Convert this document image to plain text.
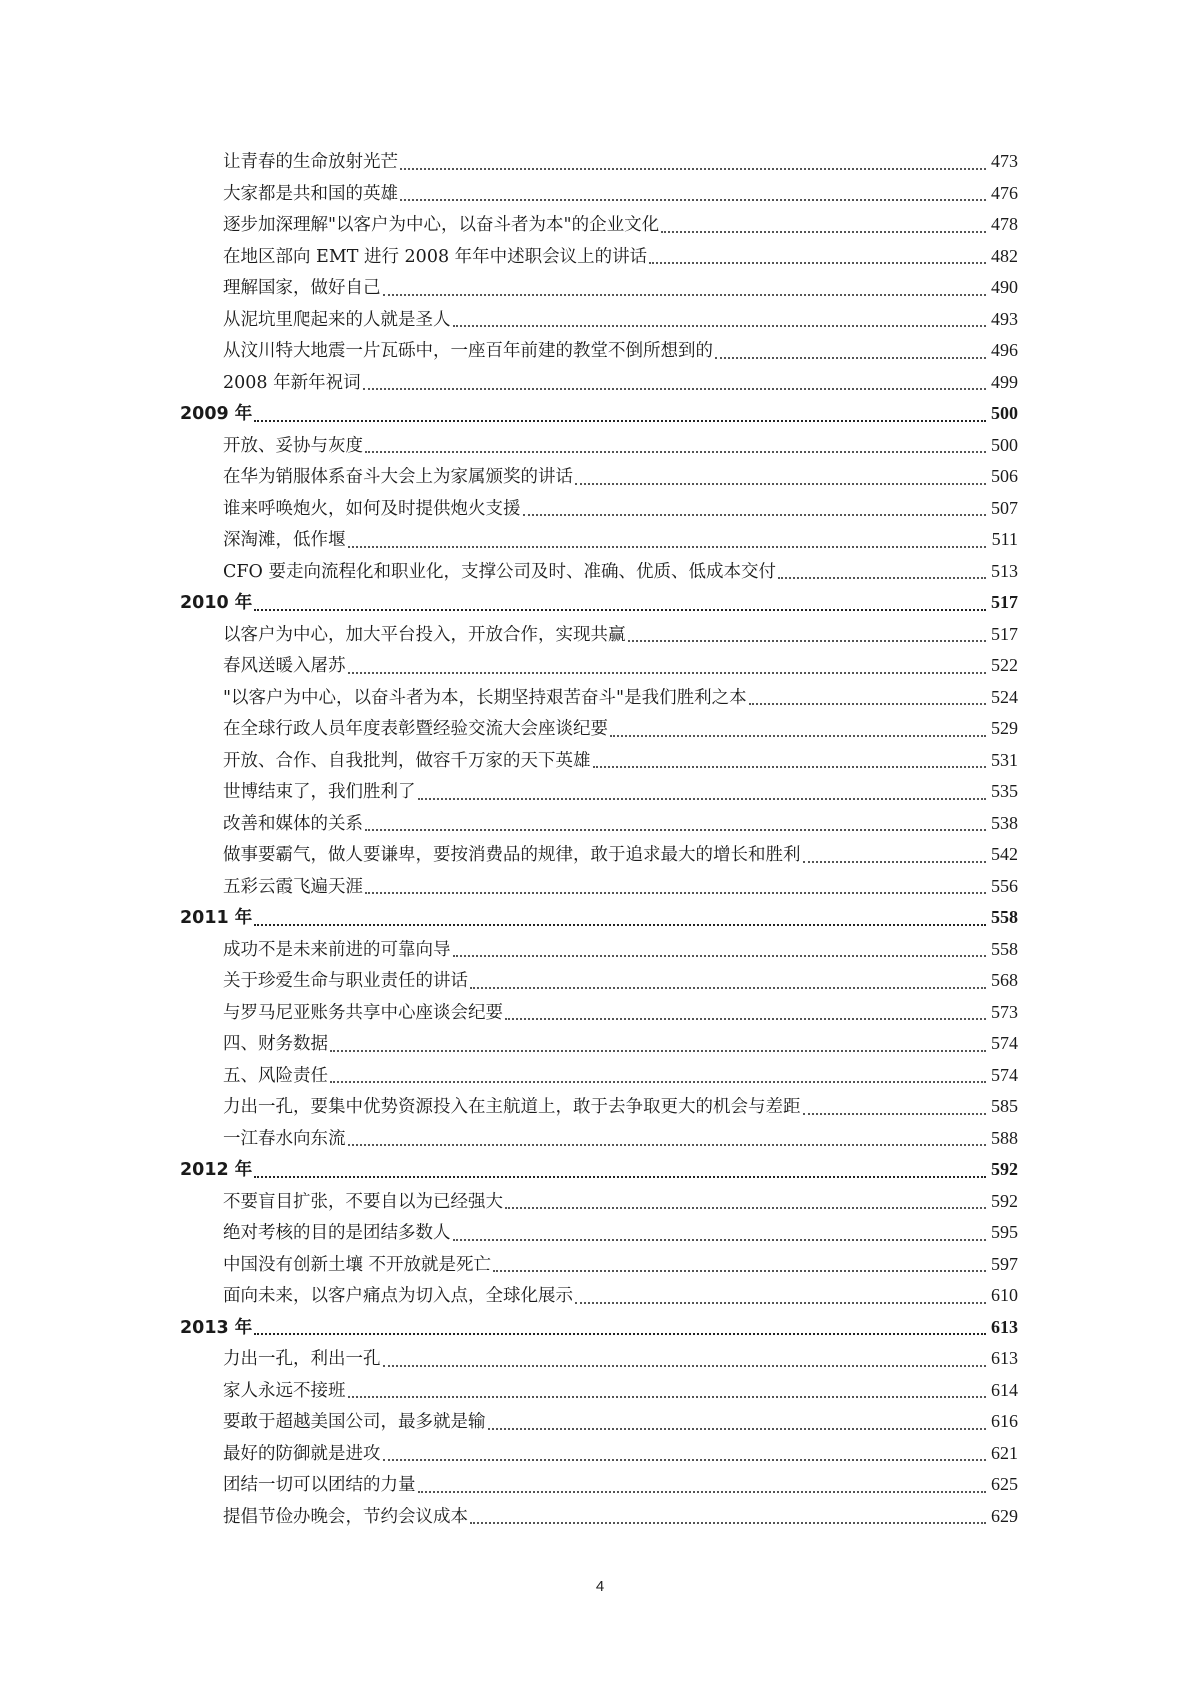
让青春的生命放射光芒	473
大家都是共和国的英雄	476
逐步加深理解"以客户为中心，以奋斗者为本"的企业文化	478
在地区部向 EMT 进行 2008 年年中述职会议上的讲话	482
理解国家，做好自己	490
从泥坑里爬起来的人就是圣人	493
从汶川特大地震一片瓦砾中，一座百年前建的教堂不倒所想到的	496
2008 年新年祝词	499
2009 年	500
开放、妥协与灰度	500
在华为销服体系奋斗大会上为家属颁奖的讲话	506
谁来呼唤炮火，如何及时提供炮火支援	507
深淘滩，低作堰	511
CFO 要走向流程化和职业化，支撑公司及时、准确、优质、低成本交付	513
2010 年	517
以客户为中心，加大平台投入，开放合作，实现共赢	517
春风送暖入屠苏	522
"以客户为中心，以奋斗者为本，长期坚持艰苦奋斗"是我们胜利之本	524
在全球行政人员年度表彰暨经验交流大会座谈纪要	529
开放、合作、自我批判，做容千万家的天下英雄	531
世博结束了，我们胜利了	535
改善和媒体的关系	538
做事要霸气，做人要谦卑，要按消费品的规律，敢于追求最大的增长和胜利	542
五彩云霞飞遍天涯	556
2011 年	558
成功不是未来前进的可靠向导	558
关于珍爱生命与职业责任的讲话	568
与罗马尼亚账务共享中心座谈会纪要	573
四、财务数据	574
五、风险责任	574
力出一孔，要集中优势资源投入在主航道上，敢于去争取更大的机会与差距	585
一江春水向东流	588
2012 年	592
不要盲目扩张，不要自以为已经强大	592
绝对考核的目的是团结多数人	595
中国没有创新土壤 不开放就是死亡	597
面向未来，以客户痛点为切入点，全球化展示	610
2013 年	613
力出一孔，利出一孔	613
家人永远不接班	614
要敢于超越美国公司，最多就是输	616
最好的防御就是进攻	621
团结一切可以团结的力量	625
提倡节俭办晚会，节约会议成本	629
4
